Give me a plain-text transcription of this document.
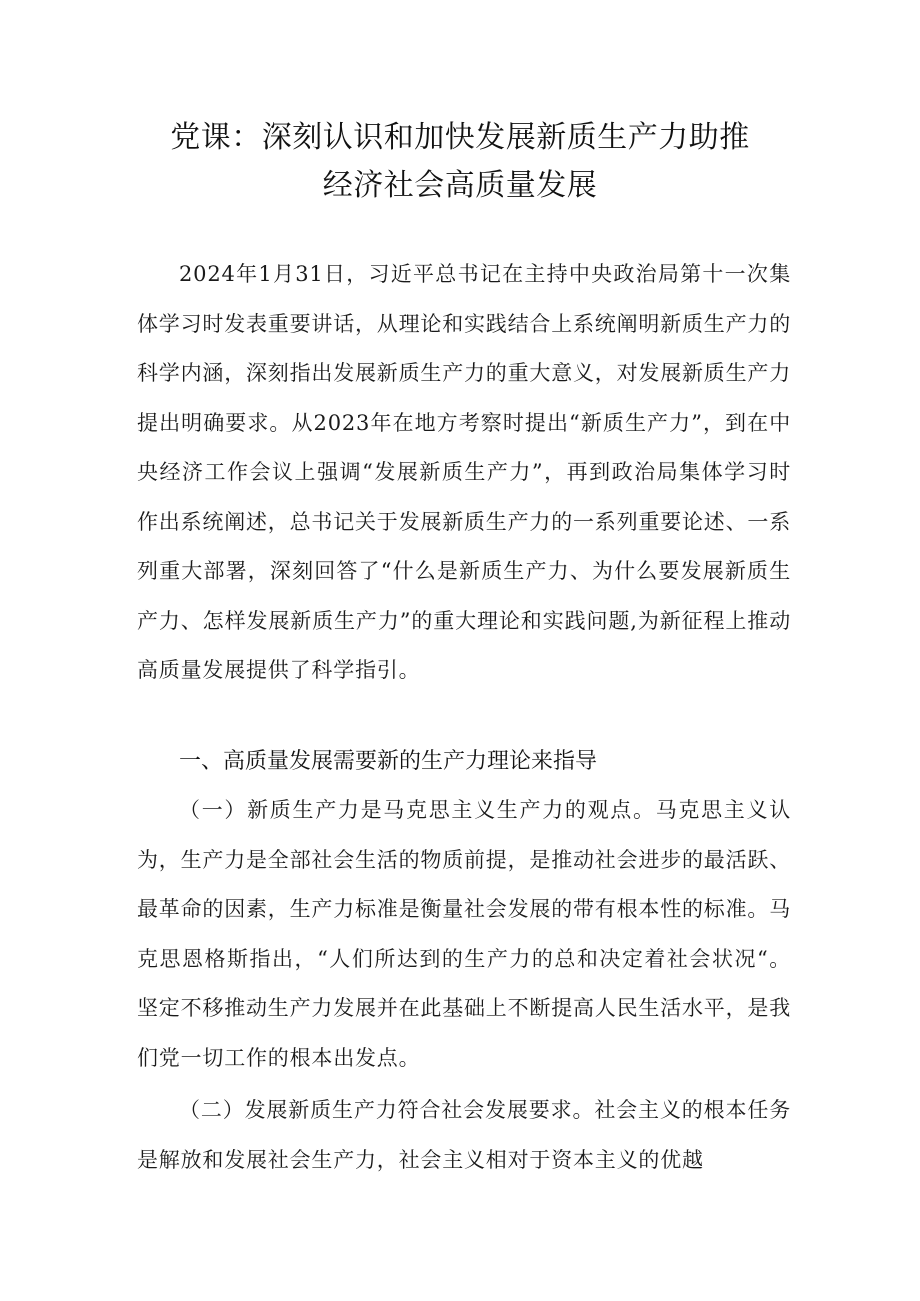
党课：深刻认识和加快发展新质生产力助推
经济社会高质量发展

2024年1月31日，习近平总书记在主持中央政治局第十一次集体学习时发表重要讲话，从理论和实践结合上系统阐明新质生产力的科学内涵，深刻指出发展新质生产力的重大意义，对发展新质生产力提出明确要求。从2023年在地方考察时提出“新质生产力”，到在中央经济工作会议上强调“发展新质生产力”，再到政治局集体学习时作出系统阐述，总书记关于发展新质生产力的一系列重要论述、一系列重大部署，深刻回答了“什么是新质生产力、为什么要发展新质生产力、怎样发展新质生产力”的重大理论和实践问题,为新征程上推动高质量发展提供了科学指引。

一、高质量发展需要新的生产力理论来指导

（一）新质生产力是马克思主义生产力的观点。马克思主义认为，生产力是全部社会生活的物质前提，是推动社会进步的最活跃、最革命的因素，生产力标准是衡量社会发展的带有根本性的标准。马克思恩格斯指出，“人们所达到的生产力的总和决定着社会状况“。坚定不移推动生产力发展并在此基础上不断提高人民生活水平，是我们党一切工作的根本出发点。

（二）发展新质生产力符合社会发展要求。社会主义的根本任务是解放和发展社会生产力，社会主义相对于资本主义的优越
